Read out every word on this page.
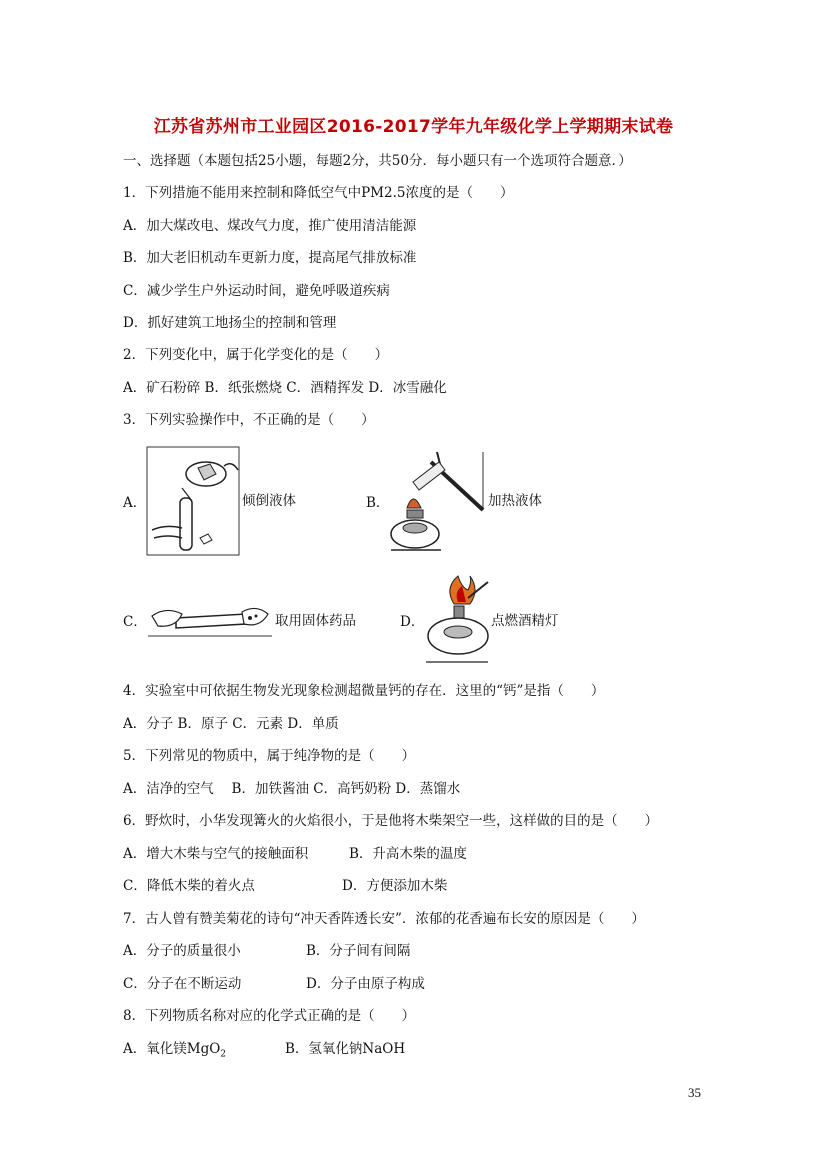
江苏省苏州市工业园区2016-2017学年九年级化学上学期期末试卷
一、选择题（本题包括25小题，每题2分，共50分．每小题只有一个选项符合题意．）
1．下列措施不能用来控制和降低空气中PM2.5浓度的是（　　）
A．加大煤改电、煤改气力度，推广使用清洁能源
B．加大老旧机动车更新力度，提高尾气排放标准
C．减少学生户外运动时间，避免呼吸道疾病
D．抓好建筑工地扬尘的控制和管理
2．下列变化中，属于化学变化的是（　　）
A．矿石粉碎 B．纸张燃烧 C．酒精挥发 D．冰雪融化
3．下列实验操作中，不正确的是（　　）
A．	倾倒液体	B．	加热液体
C．	取用固体药品	D．	点燃酒精灯
4．实验室中可依据生物发光现象检测超微量钙的存在．这里的“钙”是指（　　）
A．分子 B．原子 C．元素 D．单质
5．下列常见的物质中，属于纯净物的是（　　）
A．洁净的空气　 B．加铁酱油 C．高钙奶粉 D．蒸馏水
6．野炊时，小华发现篝火的火焰很小，于是他将木柴架空一些，这样做的目的是（　　）
A．增大木柴与空气的接触面积	B．升高木柴的温度
C．降低木柴的着火点	D．方便添加木柴
7．古人曾有赞美菊花的诗句“冲天香阵透长安”．浓郁的花香遍布长安的原因是（　　）
A．分子的质量很小	B．分子间有间隔
C．分子在不断运动	D．分子由原子构成
8．下列物质名称对应的化学式正确的是（　　）
A．氧化镁MgO$_2$	B．氢氧化钠NaOH
35
